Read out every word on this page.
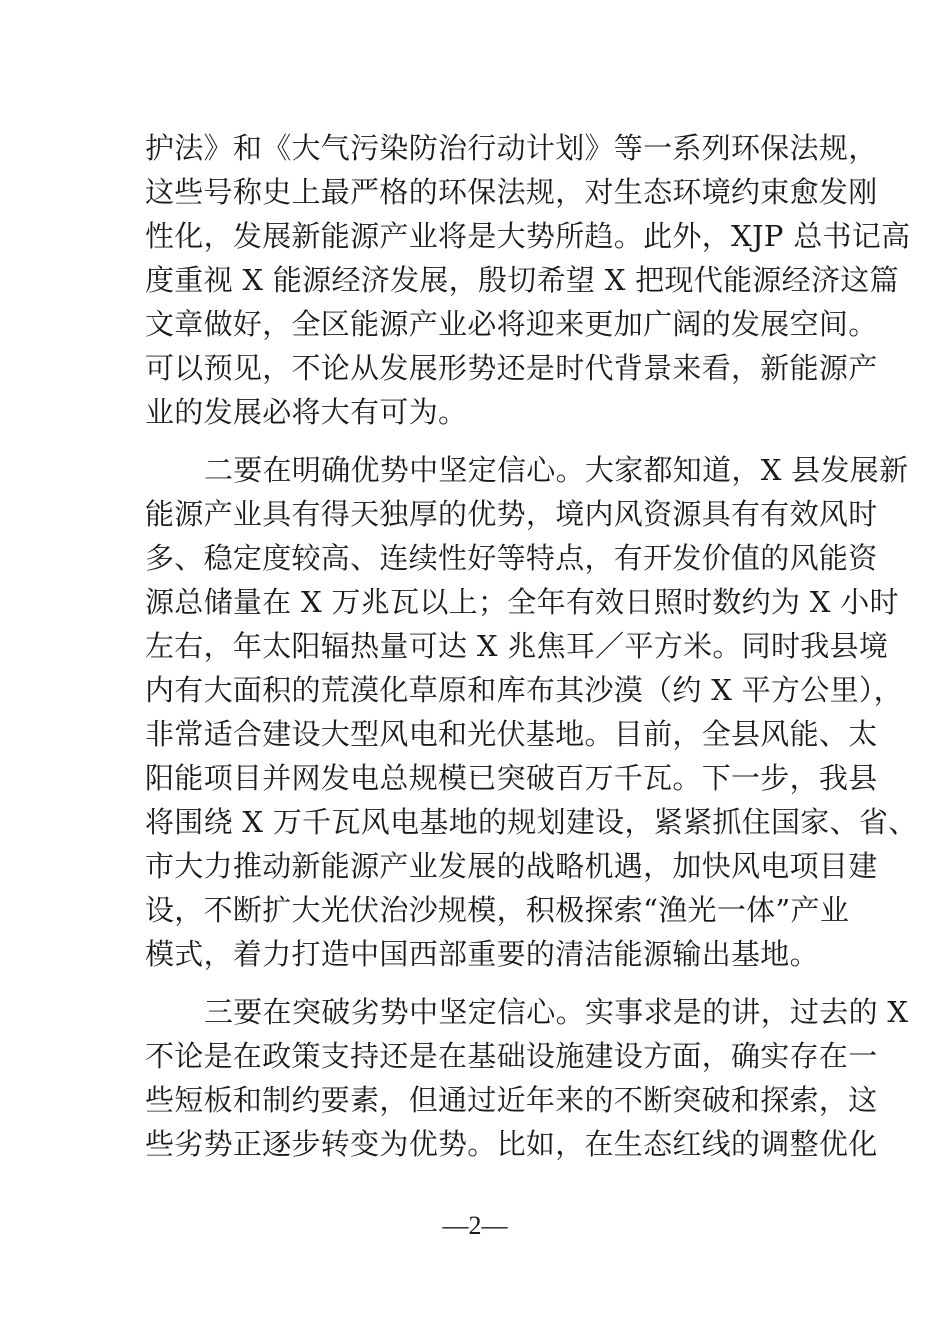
护法》和《大气污染防治行动计划》等一系列环保法规，
这些号称史上最严格的环保法规，对生态环境约束愈发刚
性化，发展新能源产业将是大势所趋。此外，XJP 总书记高
度重视 X 能源经济发展，殷切希望 X 把现代能源经济这篇
文章做好，全区能源产业必将迎来更加广阔的发展空间。
可以预见，不论从发展形势还是时代背景来看，新能源产
业的发展必将大有可为。
二要在明确优势中坚定信心。大家都知道，X 县发展新
能源产业具有得天独厚的优势，境内风资源具有有效风时
多、稳定度较高、连续性好等特点，有开发价值的风能资
源总储量在 X 万兆瓦以上；全年有效日照时数约为 X 小时
左右，年太阳辐热量可达 X 兆焦耳／平方米。同时我县境
内有大面积的荒漠化草原和库布其沙漠（约 X 平方公里），
非常适合建设大型风电和光伏基地。目前，全县风能、太
阳能项目并网发电总规模已突破百万千瓦。下一步，我县
将围绕 X 万千瓦风电基地的规划建设，紧紧抓住国家、省、
市大力推动新能源产业发展的战略机遇，加快风电项目建
设，不断扩大光伏治沙规模，积极探索“渔光一体”产业
模式，着力打造中国西部重要的清洁能源输出基地。
三要在突破劣势中坚定信心。实事求是的讲，过去的 X
不论是在政策支持还是在基础设施建设方面，确实存在一
些短板和制约要素，但通过近年来的不断突破和探索，这
些劣势正逐步转变为优势。比如，在生态红线的调整优化
—2—
